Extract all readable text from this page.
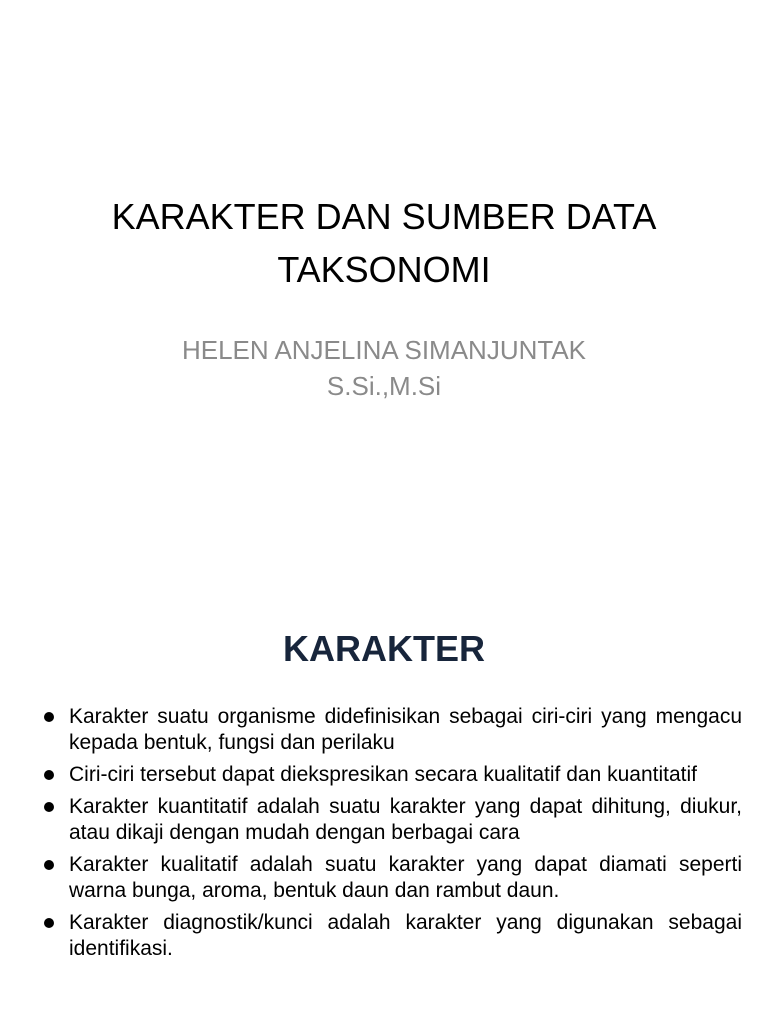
KARAKTER DAN SUMBER DATA
TAKSONOMI
HELEN ANJELINA SIMANJUNTAK
S.Si.,M.Si
KARAKTER
Karakter suatu organisme didefinisikan sebagai ciri-ciri yang mengacu kepada bentuk, fungsi dan perilaku
Ciri-ciri tersebut dapat diekspresikan secara kualitatif dan kuantitatif
Karakter kuantitatif adalah suatu karakter yang dapat dihitung, diukur, atau dikaji dengan mudah dengan berbagai cara
Karakter kualitatif adalah suatu karakter yang dapat diamati seperti warna bunga, aroma, bentuk daun dan rambut daun.
Karakter diagnostik/kunci adalah karakter yang digunakan sebagai identifikasi.
